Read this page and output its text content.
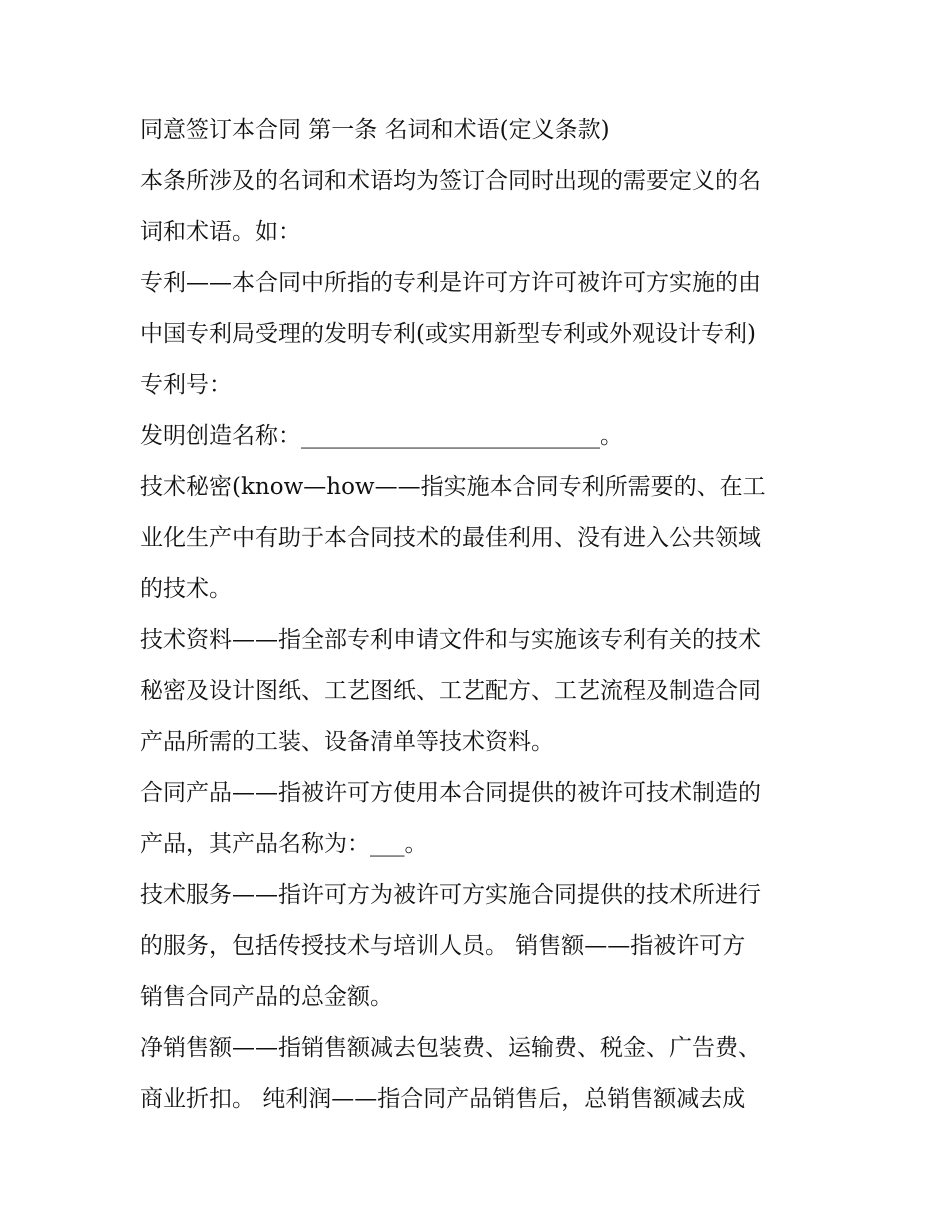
同意签订本合同 第一条 名词和术语(定义条款)
本条所涉及的名词和术语均为签订合同时出现的需要定义的名
词和术语。如：
专利——本合同中所指的专利是许可方许可被许可方实施的由
中国专利局受理的发明专利(或实用新型专利或外观设计专利)
专利号：
发明创造名称：__________________________。
技术秘密(know—how——指实施本合同专利所需要的、在工
业化生产中有助于本合同技术的最佳利用、没有进入公共领域
的技术。
技术资料——指全部专利申请文件和与实施该专利有关的技术
秘密及设计图纸、工艺图纸、工艺配方、工艺流程及制造合同
产品所需的工装、设备清单等技术资料。
合同产品——指被许可方使用本合同提供的被许可技术制造的
产品，其产品名称为：___。
技术服务——指许可方为被许可方实施合同提供的技术所进行
的服务，包括传授技术与培训人员。 销售额——指被许可方
销售合同产品的总金额。
净销售额——指销售额减去包装费、运输费、税金、广告费、
商业折扣。 纯利润——指合同产品销售后，总销售额减去成
